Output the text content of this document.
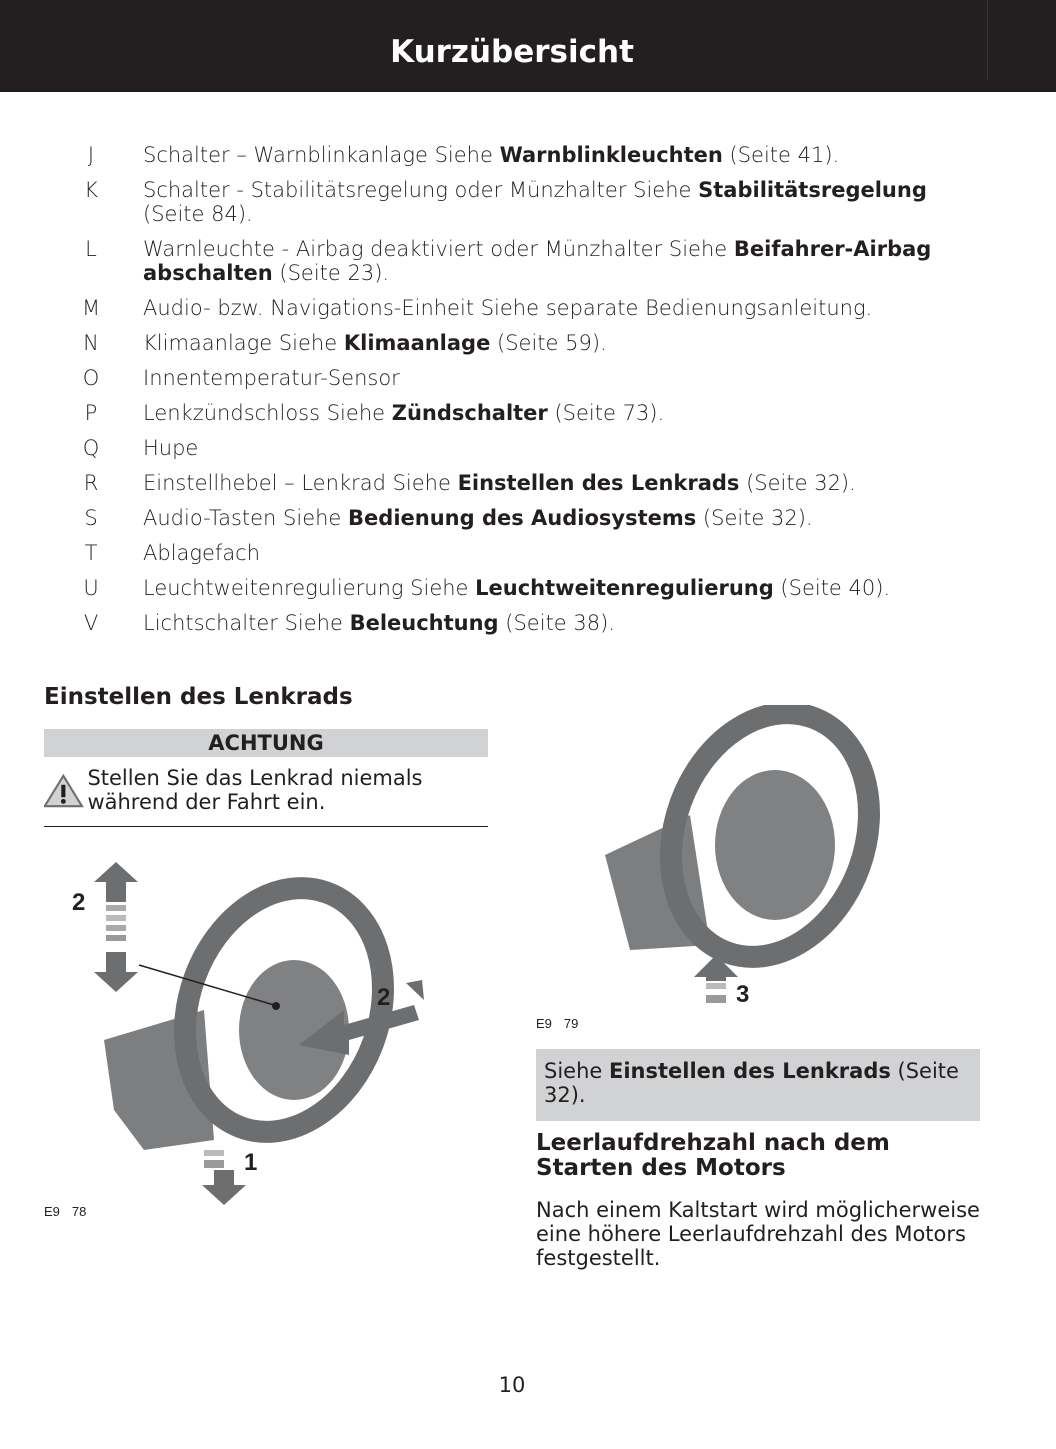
Kurzübersicht
J	Schalter – Warnblinkanlage Siehe Warnblinkleuchten (Seite 41).
K	Schalter - Stabilitätsregelung oder Münzhalter Siehe Stabilitätsregelung (Seite 84).
L	Warnleuchte - Airbag deaktiviert oder Münzhalter Siehe Beifahrer-Airbag abschalten (Seite 23).
M	Audio- bzw. Navigations-Einheit Siehe separate Bedienungsanleitung.
N	Klimaanlage Siehe Klimaanlage (Seite 59).
O	Innentemperatur-Sensor
P	Lenkzündschloss Siehe Zündschalter (Seite 73).
Q	Hupe
R	Einstellhebel – Lenkrad Siehe Einstellen des Lenkrads (Seite 32).
S	Audio-Tasten Siehe Bedienung des Audiosystems (Seite 32).
T	Ablagefach
U	Leuchtweitenregulierung Siehe Leuchtweitenregulierung (Seite 40).
V	Lichtschalter Siehe Beleuchtung (Seite 38).
Einstellen des Lenkrads
ACHTUNG
Stellen Sie das Lenkrad niemals während der Fahrt ein.
2
2
1
E9 78
3
E9 79
Siehe Einstellen des Lenkrads (Seite 32).
Leerlaufdrehzahl nach dem Starten des Motors
Nach einem Kaltstart wird möglicherweise eine höhere Leerlaufdrehzahl des Motors festgestellt.
10
